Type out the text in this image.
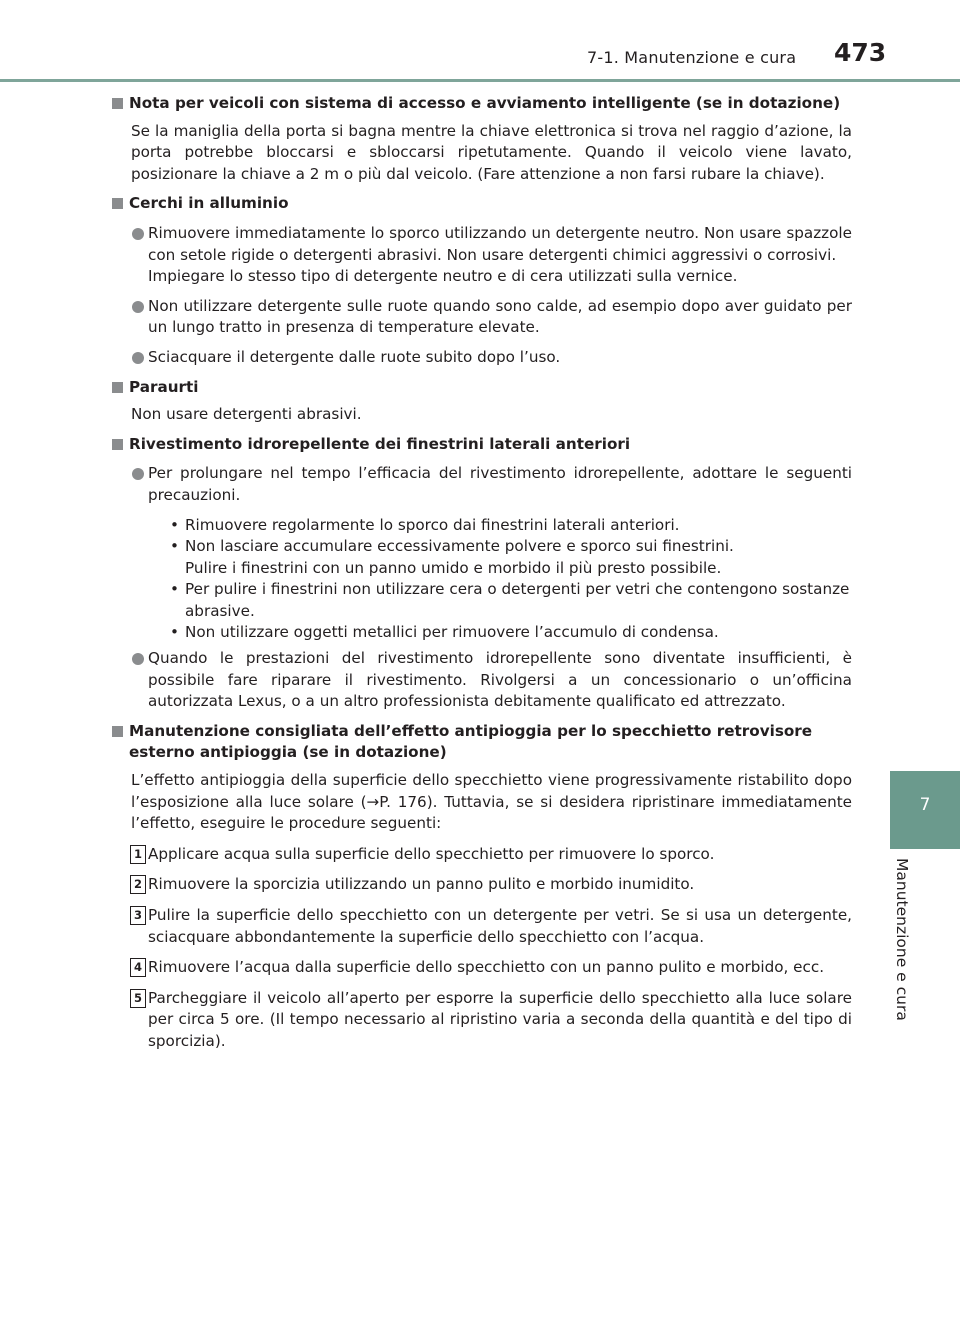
7-1. Manutenzione e cura 473
7
Manutenzione e cura
Nota per veicoli con sistema di accesso e avviamento intelligente (se in dotazione)
Se la maniglia della porta si bagna mentre la chiave elettronica si trova nel raggio d’azione, la porta potrebbe bloccarsi e sbloccarsi ripetutamente. Quando il veicolo viene lavato, posizionare la chiave a 2 m o più dal veicolo. (Fare attenzione a non farsi rubare la chiave).
Cerchi in alluminio
Rimuovere immediatamente lo sporco utilizzando un detergente neutro. Non usare spazzole con setole rigide o detergenti abrasivi. Non usare detergenti chimici aggressivi o corrosivi.
Impiegare lo stesso tipo di detergente neutro e di cera utilizzati sulla vernice.
Non utilizzare detergente sulle ruote quando sono calde, ad esempio dopo aver guidato per un lungo tratto in presenza di temperature elevate.
Sciacquare il detergente dalle ruote subito dopo l’uso.
Paraurti
Non usare detergenti abrasivi.
Rivestimento idrorepellente dei finestrini laterali anteriori
Per prolungare nel tempo l’efficacia del rivestimento idrorepellente, adottare le seguenti precauzioni.
• Rimuovere regolarmente lo sporco dai finestrini laterali anteriori.
• Non lasciare accumulare eccessivamente polvere e sporco sui finestrini.
Pulire i finestrini con un panno umido e morbido il più presto possibile.
• Per pulire i finestrini non utilizzare cera o detergenti per vetri che contengono sostanze abrasive.
• Non utilizzare oggetti metallici per rimuovere l’accumulo di condensa.
Quando le prestazioni del rivestimento idrorepellente sono diventate insufficienti, è possibile fare riparare il rivestimento. Rivolgersi a un concessionario o un’officina autorizzata Lexus, o a un altro professionista debitamente qualificato ed attrezzato.
Manutenzione consigliata dell’effetto antipioggia per lo specchietto retrovisore esterno antipioggia (se in dotazione)
L’effetto antipioggia della superficie dello specchietto viene progressivamente ristabilito dopo l’esposizione alla luce solare (→P. 176). Tuttavia, se si desidera ripristinare immediatamente l’effetto, eseguire le procedure seguenti:
1 Applicare acqua sulla superficie dello specchietto per rimuovere lo sporco.
2 Rimuovere la sporcizia utilizzando un panno pulito e morbido inumidito.
3 Pulire la superficie dello specchietto con un detergente per vetri. Se si usa un detergente, sciacquare abbondantemente la superficie dello specchietto con l’acqua.
4 Rimuovere l’acqua dalla superficie dello specchietto con un panno pulito e morbido, ecc.
5 Parcheggiare il veicolo all’aperto per esporre la superficie dello specchietto alla luce solare per circa 5 ore. (Il tempo necessario al ripristino varia a seconda della quantità e del tipo di sporcizia).
